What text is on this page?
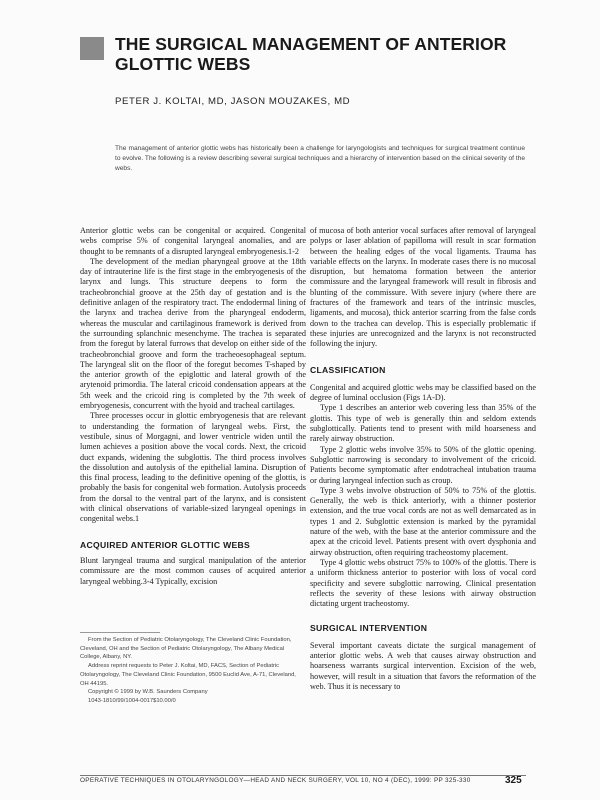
THE SURGICAL MANAGEMENT OF ANTERIOR GLOTTIC WEBS
PETER J. KOLTAI, MD, JASON MOUZAKES, MD
The management of anterior glottic webs has historically been a challenge for laryngologists and techniques for surgical treatment continue to evolve. The following is a review describing several surgical techniques and a hierarchy of intervention based on the clinical severity of the webs.

Anterior glottic webs can be congenital or acquired. Congenital webs comprise 5% of congenital laryngeal anomalies, and are thought to be remnants of a disrupted laryngeal embryogenesis.1-2

The development of the median pharyngeal groove at the 18th day of intrauterine life is the first stage in the embryogenesis of the larynx and lungs. This structure deepens to form the tracheobronchial groove at the 25th day of gestation and is the definitive anlagen of the respiratory tract. The endodermal lining of the larynx and trachea derive from the pharyngeal endoderm, whereas the muscular and cartilaginous framework is derived from the surrounding splanchnic mesenchyme. The trachea is separated from the foregut by lateral furrows that develop on either side of the tracheobronchial groove and form the tracheoesophageal septum. The laryngeal slit on the floor of the foregut becomes T-shaped by the anterior growth of the epiglottic and lateral growth of the arytenoid primordia. The lateral cricoid condensation appears at the 5th week and the cricoid ring is completed by the 7th week of embryogenesis, concurrent with the hyoid and tracheal cartilages.

Three processes occur in glottic embryogenesis that are relevant to understanding the formation of laryngeal webs. First, the vestibule, sinus of Morgagni, and lower ventricle widen until the lumen achieves a position above the vocal cords. Next, the cricoid duct expands, widening the subglottis. The third process involves the dissolution and autolysis of the epithelial lamina. Disruption of this final process, leading to the definitive opening of the glottis, is probably the basis for congenital web formation. Autolysis proceeds from the dorsal to the ventral part of the larynx, and is consistent with clinical observations of variable-sized laryngeal openings in congenital webs.1

ACQUIRED ANTERIOR GLOTTIC WEBS

Blunt laryngeal trauma and surgical manipulation of the anterior commissure are the most common causes of acquired anterior laryngeal webbing.3-4 Typically, excision

of mucosa of both anterior vocal surfaces after removal of laryngeal polyps or laser ablation of papilloma will result in scar formation between the healing edges of the vocal ligaments. Trauma has variable effects on the larynx. In moderate cases there is no mucosal disruption, but hematoma formation between the anterior commissure and the laryngeal framework will result in fibrosis and blunting of the commissure. With severe injury (where there are fractures of the framework and tears of the intrinsic muscles, ligaments, and mucosa), thick anterior scarring from the false cords down to the trachea can develop. This is especially problematic if these injuries are unrecognized and the larynx is not reconstructed following the injury.

CLASSIFICATION

Congenital and acquired glottic webs may be classified based on the degree of luminal occlusion (Figs 1A-D).

Type 1 describes an anterior web covering less than 35% of the glottis. This type of web is generally thin and seldom extends subglottically. Patients tend to present with mild hoarseness and rarely airway obstruction.

Type 2 glottic webs involve 35% to 50% of the glottic opening. Subglottic narrowing is secondary to involvement of the cricoid. Patients become symptomatic after endotracheal intubation trauma or during laryngeal infection such as croup.

Type 3 webs involve obstruction of 50% to 75% of the glottis. Generally, the web is thick anteriorly, with a thinner posterior extension, and the true vocal cords are not as well demarcated as in types 1 and 2. Subglottic extension is marked by the pyramidal nature of the web, with the base at the anterior commissure and the apex at the cricoid level. Patients present with overt dysphonia and airway obstruction, often requiring tracheostomy placement.

Type 4 glottic webs obstruct 75% to 100% of the glottis. There is a uniform thickness anterior to posterior with loss of vocal cord specificity and severe subglottic narrowing. Clinical presentation reflects the severity of these lesions with airway obstruction dictating urgent tracheostomy.

SURGICAL INTERVENTION

Several important caveats dictate the surgical management of anterior glottic webs. A web that causes airway obstruction and hoarseness warrants surgical intervention. Excision of the web, however, will result in a situation that favors the reformation of the web. Thus it is necessary to

From the Section of Pediatric Otolaryngology, The Cleveland Clinic Foundation, Cleveland, OH and the Section of Pediatric Otolaryngology, The Albany Medical College, Albany, NY.

Address reprint requests to Peter J. Koltai, MD, FACS, Section of Pediatric Otolaryngology, The Cleveland Clinic Foundation, 9500 Euclid Ave, A-71, Cleveland, OH 44195.

Copyright © 1999 by W.B. Saunders Company

1043-1810/99/1004-0017$10.00/0

OPERATIVE TECHNIQUES IN OTOLARYNGOLOGY—HEAD AND NECK SURGERY, VOL 10, NO 4 (DEC), 1999: PP 325-330	325
